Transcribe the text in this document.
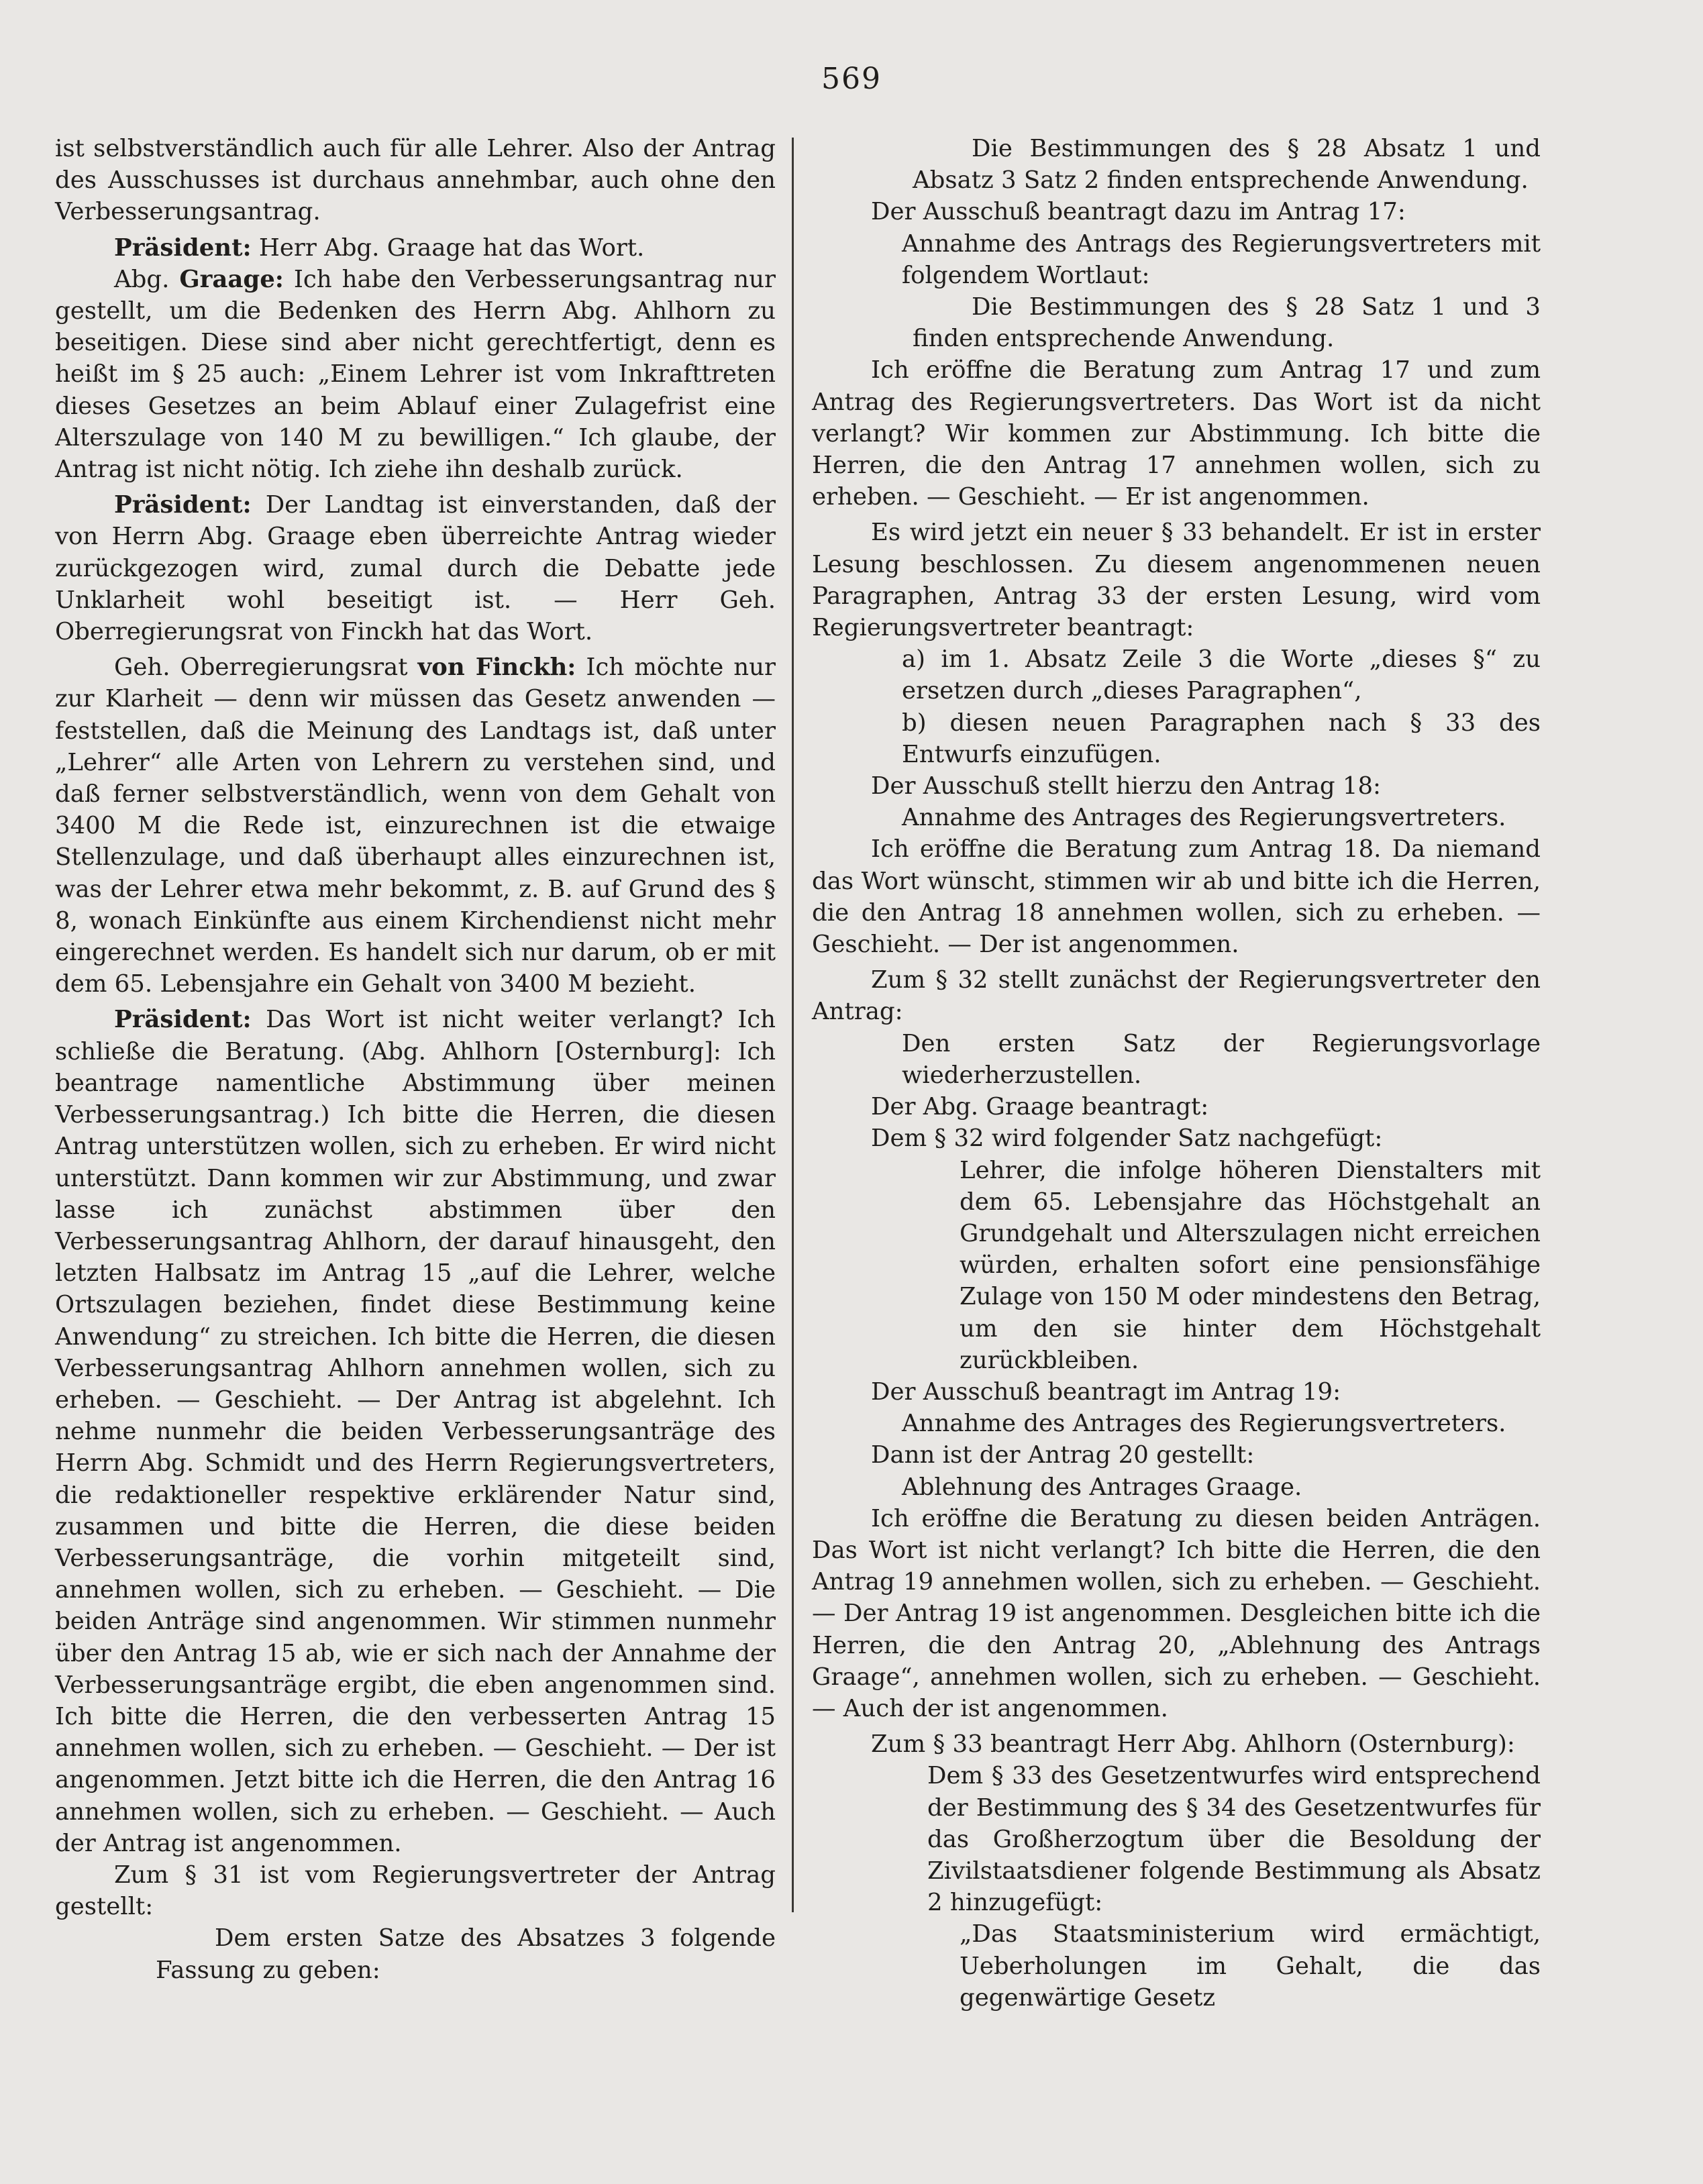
569

ist selbstverständlich auch für alle Lehrer. Also der Antrag des Ausschusses ist durchaus annehmbar, auch ohne den Verbesserungsantrag.

Präsident: Herr Abg. Graage hat das Wort.

Abg. Graage: Ich habe den Verbesserungsantrag nur gestellt, um die Bedenken des Herrn Abg. Ahlhorn zu beseitigen. Diese sind aber nicht gerechtfertigt, denn es heißt im § 25 auch: „Einem Lehrer ist vom Inkrafttreten dieses Gesetzes an beim Ablauf einer Zulagefrist eine Alterszulage von 140 M zu bewilligen.“ Ich glaube, der Antrag ist nicht nötig. Ich ziehe ihn deshalb zurück.

Präsident: Der Landtag ist einverstanden, daß der von Herrn Abg. Graage eben überreichte Antrag wieder zurückgezogen wird, zumal durch die Debatte jede Unklarheit wohl beseitigt ist. — Herr Geh. Oberregierungsrat von Finckh hat das Wort.

Geh. Oberregierungsrat von Finckh: Ich möchte nur zur Klarheit — denn wir müssen das Gesetz anwenden — feststellen, daß die Meinung des Landtags ist, daß unter „Lehrer“ alle Arten von Lehrern zu verstehen sind, und daß ferner selbstverständlich, wenn von dem Gehalt von 3400 M die Rede ist, einzurechnen ist die etwaige Stellenzulage, und daß überhaupt alles einzurechnen ist, was der Lehrer etwa mehr bekommt, z. B. auf Grund des § 8, wonach Einkünfte aus einem Kirchendienst nicht mehr eingerechnet werden. Es handelt sich nur darum, ob er mit dem 65. Lebensjahre ein Gehalt von 3400 M bezieht.

Präsident: Das Wort ist nicht weiter verlangt? Ich schließe die Beratung. (Abg. Ahlhorn [Osternburg]: Ich beantrage namentliche Abstimmung über meinen Verbesserungsantrag.) Ich bitte die Herren, die diesen Antrag unterstützen wollen, sich zu erheben. Er wird nicht unterstützt. Dann kommen wir zur Abstimmung, und zwar lasse ich zunächst abstimmen über den Verbesserungsantrag Ahlhorn, der darauf hinausgeht, den letzten Halbsatz im Antrag 15 „auf die Lehrer, welche Ortszulagen beziehen, findet diese Bestimmung keine Anwendung“ zu streichen. Ich bitte die Herren, die diesen Verbesserungsantrag Ahlhorn annehmen wollen, sich zu erheben. — Geschieht. — Der Antrag ist abgelehnt. Ich nehme nunmehr die beiden Verbesserungsanträge des Herrn Abg. Schmidt und des Herrn Regierungsvertreters, die redaktioneller respektive erklärender Natur sind, zusammen und bitte die Herren, die diese beiden Verbesserungsanträge, die vorhin mitgeteilt sind, annehmen wollen, sich zu erheben. — Geschieht. — Die beiden Anträge sind angenommen. Wir stimmen nunmehr über den Antrag 15 ab, wie er sich nach der Annahme der Verbesserungsanträge ergibt, die eben angenommen sind. Ich bitte die Herren, die den verbesserten Antrag 15 annehmen wollen, sich zu erheben. — Geschieht. — Der ist angenommen. Jetzt bitte ich die Herren, die den Antrag 16 annehmen wollen, sich zu erheben. — Geschieht. — Auch der Antrag ist angenommen.

Zum § 31 ist vom Regierungsvertreter der Antrag gestellt:

Dem ersten Satze des Absatzes 3 folgende Fassung zu geben:

Die Bestimmungen des § 28 Absatz 1 und Absatz 3 Satz 2 finden entsprechende Anwendung.

Der Ausschuß beantragt dazu im Antrag 17:

Annahme des Antrags des Regierungsvertreters mit folgendem Wortlaut:

Die Bestimmungen des § 28 Satz 1 und 3 finden entsprechende Anwendung.

Ich eröffne die Beratung zum Antrag 17 und zum Antrag des Regierungsvertreters. Das Wort ist da nicht verlangt? Wir kommen zur Abstimmung. Ich bitte die Herren, die den Antrag 17 annehmen wollen, sich zu erheben. — Geschieht. — Er ist angenommen.

Es wird jetzt ein neuer § 33 behandelt. Er ist in erster Lesung beschlossen. Zu diesem angenommenen neuen Paragraphen, Antrag 33 der ersten Lesung, wird vom Regierungsvertreter beantragt:

a) im 1. Absatz Zeile 3 die Worte „dieses §“ zu ersetzen durch „dieses Paragraphen“,

b) diesen neuen Paragraphen nach § 33 des Entwurfs einzufügen.

Der Ausschuß stellt hierzu den Antrag 18:

Annahme des Antrages des Regierungsvertreters.

Ich eröffne die Beratung zum Antrag 18. Da niemand das Wort wünscht, stimmen wir ab und bitte ich die Herren, die den Antrag 18 annehmen wollen, sich zu erheben. — Geschieht. — Der ist angenommen.

Zum § 32 stellt zunächst der Regierungsvertreter den Antrag:

Den ersten Satz der Regierungsvorlage wiederherzustellen.

Der Abg. Graage beantragt:

Dem § 32 wird folgender Satz nachgefügt:

Lehrer, die infolge höheren Dienstalters mit dem 65. Lebensjahre das Höchstgehalt an Grundgehalt und Alterszulagen nicht erreichen würden, erhalten sofort eine pensionsfähige Zulage von 150 M oder mindestens den Betrag, um den sie hinter dem Höchstgehalt zurückbleiben.

Der Ausschuß beantragt im Antrag 19:

Annahme des Antrages des Regierungsvertreters.

Dann ist der Antrag 20 gestellt:

Ablehnung des Antrages Graage.

Ich eröffne die Beratung zu diesen beiden Anträgen. Das Wort ist nicht verlangt? Ich bitte die Herren, die den Antrag 19 annehmen wollen, sich zu erheben. — Geschieht. — Der Antrag 19 ist angenommen. Desgleichen bitte ich die Herren, die den Antrag 20, „Ablehnung des Antrags Graage“, annehmen wollen, sich zu erheben. — Geschieht. — Auch der ist angenommen.

Zum § 33 beantragt Herr Abg. Ahlhorn (Osternburg):

Dem § 33 des Gesetzentwurfes wird entsprechend der Bestimmung des § 34 des Gesetzentwurfes für das Großherzogtum über die Besoldung der Zivilstaatsdiener folgende Bestimmung als Absatz 2 hinzugefügt:

„Das Staatsministerium wird ermächtigt, Ueberholungen im Gehalt, die das gegenwärtige Gesetz
